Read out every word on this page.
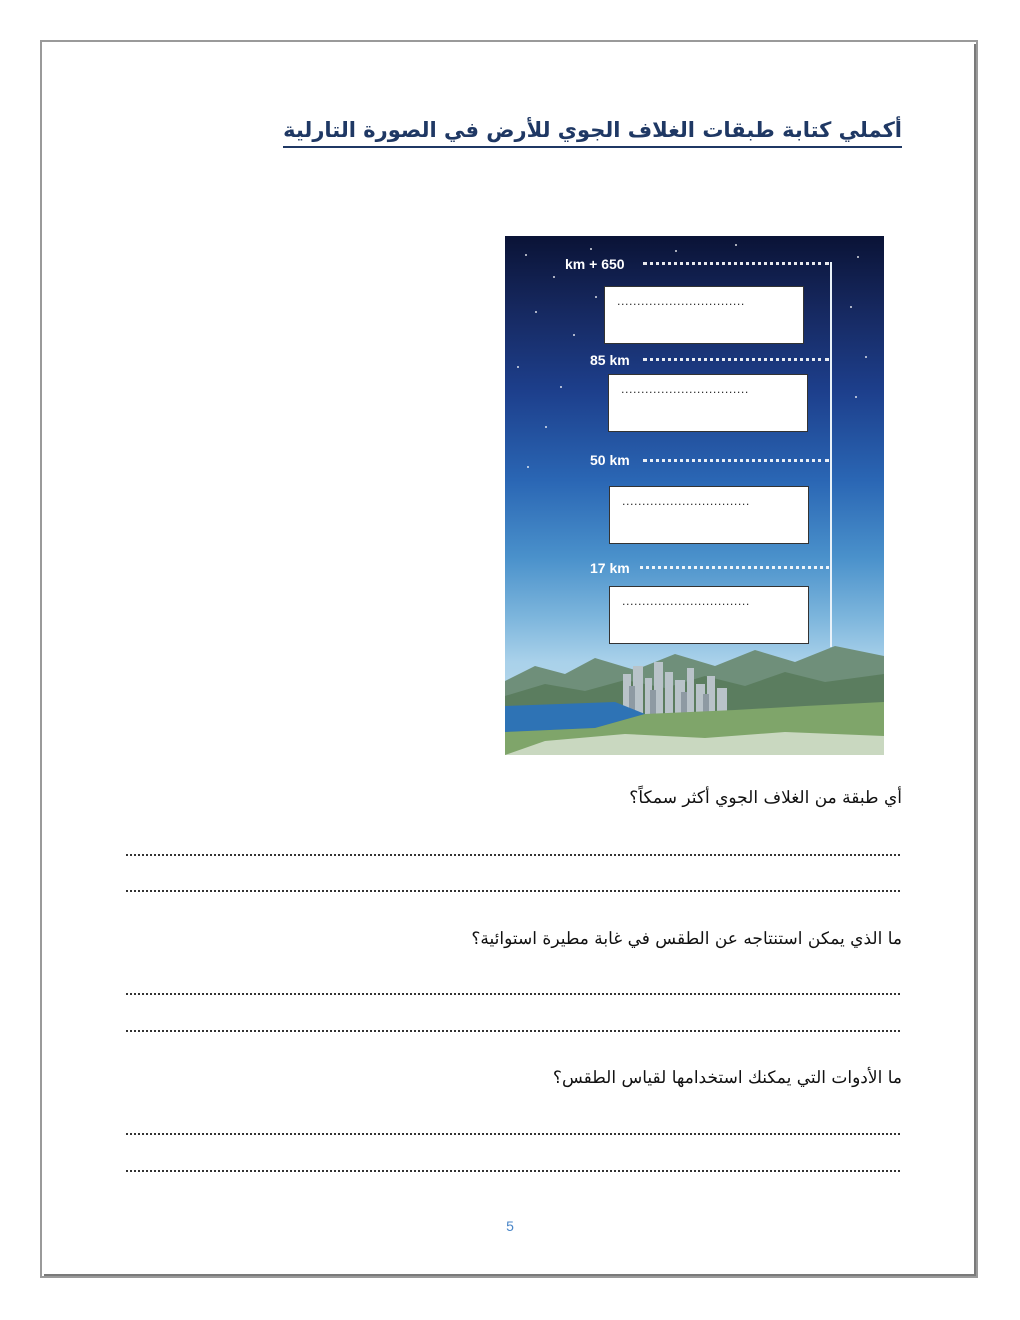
أكملي كتابة طبقات الغلاف الجوي للأرض في الصورة التارلية
km + 650
................................
85 km
................................
50 km
................................
17 km
................................
أي طبقة من الغلاف الجوي أكثر سمكاً؟
ما الذي يمكن استنتاجه عن الطقس في غابة مطيرة استوائية؟
ما الأدوات التي يمكنك استخدامها لقياس الطقس؟
5
